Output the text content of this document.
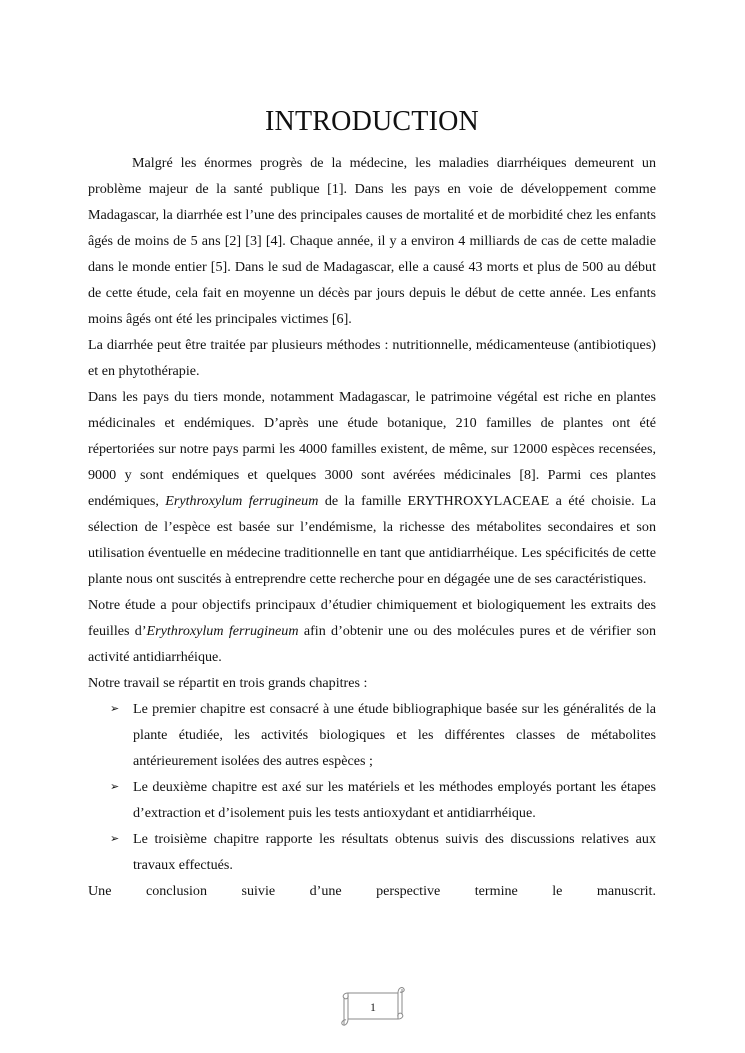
INTRODUCTION

Malgré les énormes progrès de la médecine, les maladies diarrhéiques demeurent un problème majeur de la santé publique [1]. Dans les pays en voie de développement comme Madagascar, la diarrhée est l’une des principales causes de mortalité et de morbidité chez les enfants âgés de moins de 5 ans [2] [3] [4]. Chaque année, il y a environ 4 milliards de cas de cette maladie dans le monde entier [5]. Dans le sud de Madagascar, elle a causé 43 morts et plus de 500 au début de cette étude, cela fait en moyenne un décès par jours depuis le début de cette année. Les enfants moins âgés ont été les principales victimes [6].

La diarrhée peut être traitée par plusieurs méthodes : nutritionnelle, médicamenteuse (antibiotiques) et en phytothérapie.

Dans les pays du tiers monde, notamment Madagascar, le patrimoine végétal est riche en plantes médicinales et endémiques. D’après une étude botanique, 210 familles de plantes ont été répertoriées sur notre pays parmi les 4000 familles existent, de même, sur 12000 espèces recensées, 9000 y sont endémiques et quelques 3000 sont avérées médicinales [8]. Parmi ces plantes endémiques, Erythroxylum ferrugineum de la famille ERYTHROXYLACEAE a été choisie. La sélection de l’espèce est basée sur l’endémisme, la richesse des métabolites secondaires et son utilisation éventuelle en médecine traditionnelle en tant que antidiarrhéique. Les spécificités de cette plante nous ont suscités à entreprendre cette recherche pour en dégagée une de ses caractéristiques.

Notre étude a pour objectifs principaux d’étudier chimiquement et biologiquement les extraits des feuilles d’Erythroxylum ferrugineum afin d’obtenir une ou des molécules pures et de vérifier son activité antidiarrhéique.

Notre travail se répartit en trois grands chapitres :

➢ Le premier chapitre est consacré à une étude bibliographique basée sur les généralités de la plante étudiée, les activités biologiques et les différentes classes de métabolites antérieurement isolées des autres espèces ;
➢ Le deuxième chapitre est axé sur les matériels et les méthodes employés portant les étapes d’extraction et d’isolement puis les tests antioxydant et antidiarrhéique.
➢ Le troisième chapitre rapporte les résultats obtenus suivis des discussions relatives aux travaux effectués.

Une conclusion suivie d’une perspective termine le manuscrit.

1
